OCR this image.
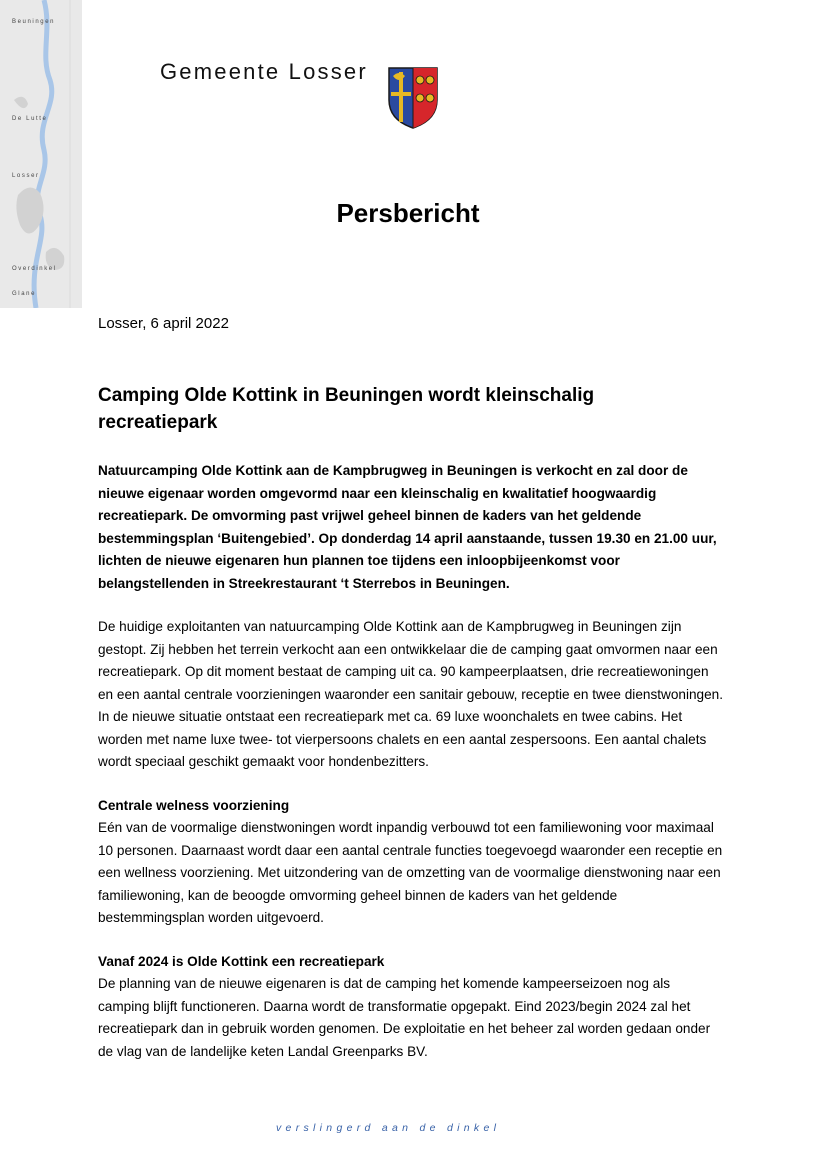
Beuningen
De Lutte
Losser
Overdinkel
Glane
Gemeente Losser
Persbericht
Losser, 6 april 2022
Camping Olde Kottink in Beuningen wordt kleinschalig recreatiepark

Natuurcamping Olde Kottink aan de Kampbrugweg in Beuningen is verkocht en zal door de nieuwe eigenaar worden omgevormd naar een kleinschalig en kwalitatief hoogwaardig recreatiepark. De omvorming past vrijwel geheel binnen de kaders van het geldende bestemmingsplan ‘Buitengebied’. Op donderdag 14 april aanstaande, tussen 19.30 en 21.00 uur, lichten de nieuwe eigenaren hun plannen toe tijdens een inloopbijeenkomst voor belangstellenden in Streekrestaurant ‘t Sterrebos in Beuningen.

De huidige exploitanten van natuurcamping Olde Kottink aan de Kampbrugweg in Beuningen zijn gestopt. Zij hebben het terrein verkocht aan een ontwikkelaar die de camping gaat omvormen naar een recreatiepark. Op dit moment bestaat de camping uit ca. 90 kampeerplaatsen, drie recreatiewoningen en een aantal centrale voorzieningen waaronder een sanitair gebouw, receptie en twee dienstwoningen. In de nieuwe situatie ontstaat een recreatiepark met ca. 69 luxe woonchalets en twee cabins. Het worden met name luxe twee- tot vierpersoons chalets en een aantal zespersoons. Een aantal chalets wordt speciaal geschikt gemaakt voor hondenbezitters.

Centrale welness voorziening

Eén van de voormalige dienstwoningen wordt inpandig verbouwd tot een familiewoning voor maximaal 10 personen. Daarnaast wordt daar een aantal centrale functies toegevoegd waaronder een receptie en een wellness voorziening. Met uitzondering van de omzetting van de voormalige dienstwoning naar een familiewoning, kan de beoogde omvorming geheel binnen de kaders van het geldende bestemmingsplan worden uitgevoerd.

Vanaf 2024 is Olde Kottink een recreatiepark

De planning van de nieuwe eigenaren is dat de camping het komende kampeerseizoen nog als camping blijft functioneren. Daarna wordt de transformatie opgepakt. Eind 2023/begin 2024 zal het recreatiepark dan in gebruik worden genomen. De exploitatie en het beheer zal worden gedaan onder de vlag van de landelijke keten Landal Greenparks BV.

verslingerd aan de dinkel
